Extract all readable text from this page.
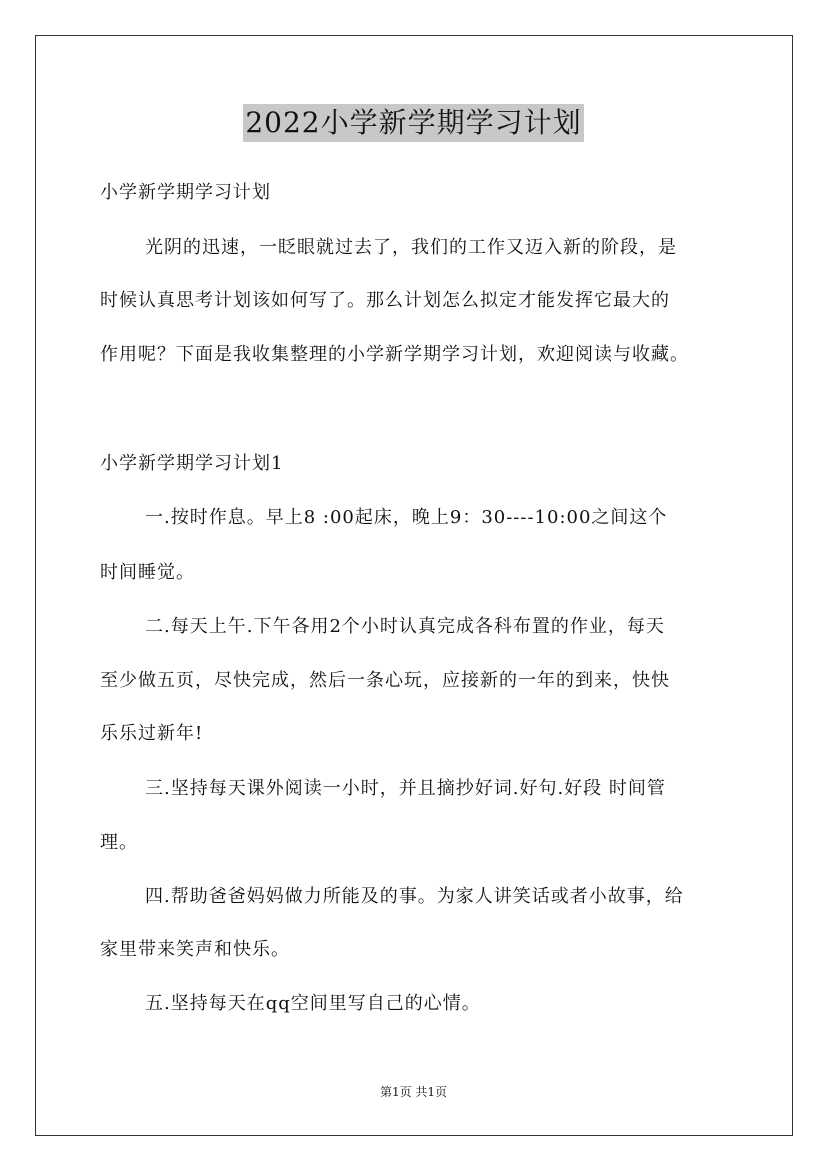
2022小学新学期学习计划
小学新学期学习计划
光阴的迅速，一眨眼就过去了，我们的工作又迈入新的阶段，是
时候认真思考计划该如何写了。那么计划怎么拟定才能发挥它最大的
作用呢？下面是我收集整理的小学新学期学习计划，欢迎阅读与收藏。
小学新学期学习计划1
一.按时作息。早上8 :00起床，晚上9：30----10:00之间这个
时间睡觉。
二.每天上午.下午各用2个小时认真完成各科布置的作业，每天
至少做五页，尽快完成，然后一条心玩，应接新的一年的到来，快快
乐乐过新年!
三.坚持每天课外阅读一小时，并且摘抄好词.好句.好段 时间管
理。
四.帮助爸爸妈妈做力所能及的事。为家人讲笑话或者小故事，给
家里带来笑声和快乐。
五.坚持每天在qq空间里写自己的心情。
第1页 共1页
